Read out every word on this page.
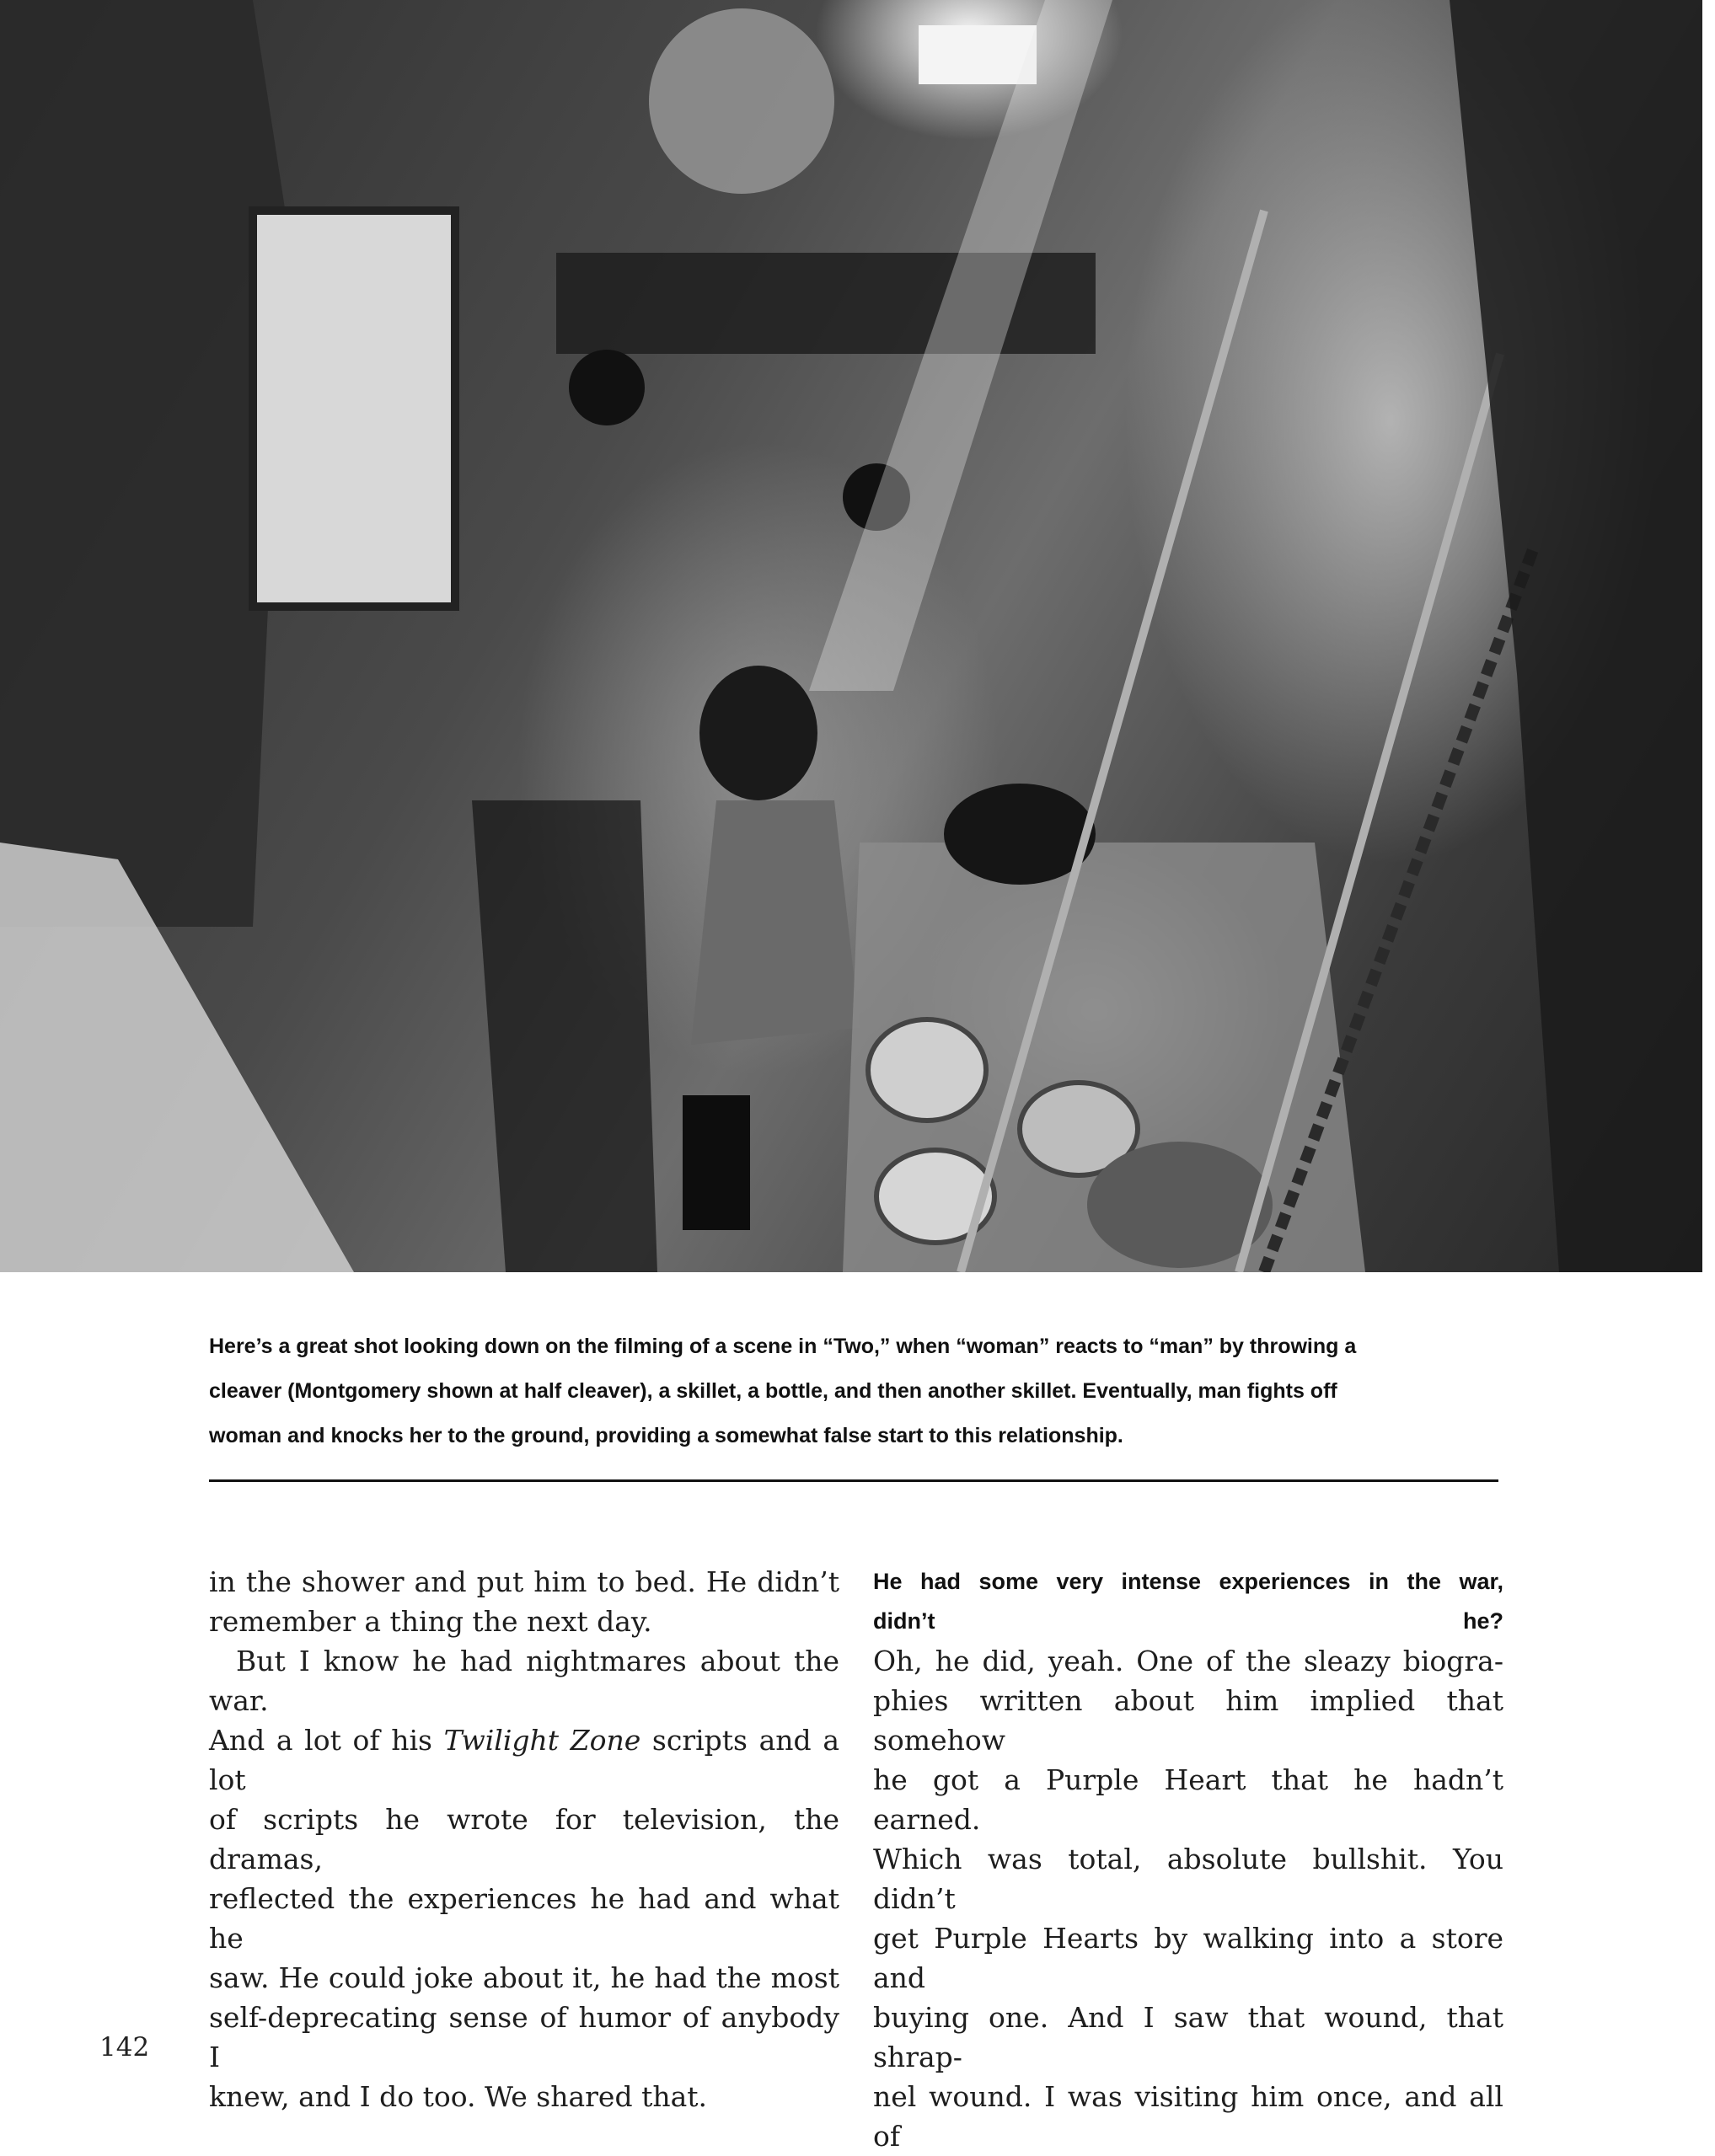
Here’s a great shot looking down on the filming of a scene in “Two,” when “woman” reacts to “man” by throwing a
cleaver (Montgomery shown at half cleaver), a skillet, a bottle, and then another skillet. Eventually, man fights off
woman and knocks her to the ground, providing a somewhat false start to this relationship.

in the shower and put him to bed. He didn’t
remember a thing the next day.

But I know he had nightmares about the war.
And a lot of his Twilight Zone scripts and a lot
of scripts he wrote for television, the dramas,
reflected the experiences he had and what he
saw. He could joke about it, he had the most
self-deprecating sense of humor of anybody I
knew, and I do too. We shared that.

He had some very intense experiences in the war,
didn’t he?

Oh, he did, yeah. One of the sleazy biogra-
phies written about him implied that somehow
he got a Purple Heart that he hadn’t earned.
Which was total, absolute bullshit. You didn’t
get Purple Hearts by walking into a store and
buying one. And I saw that wound, that shrap-
nel wound. I was visiting him once, and all of

142
